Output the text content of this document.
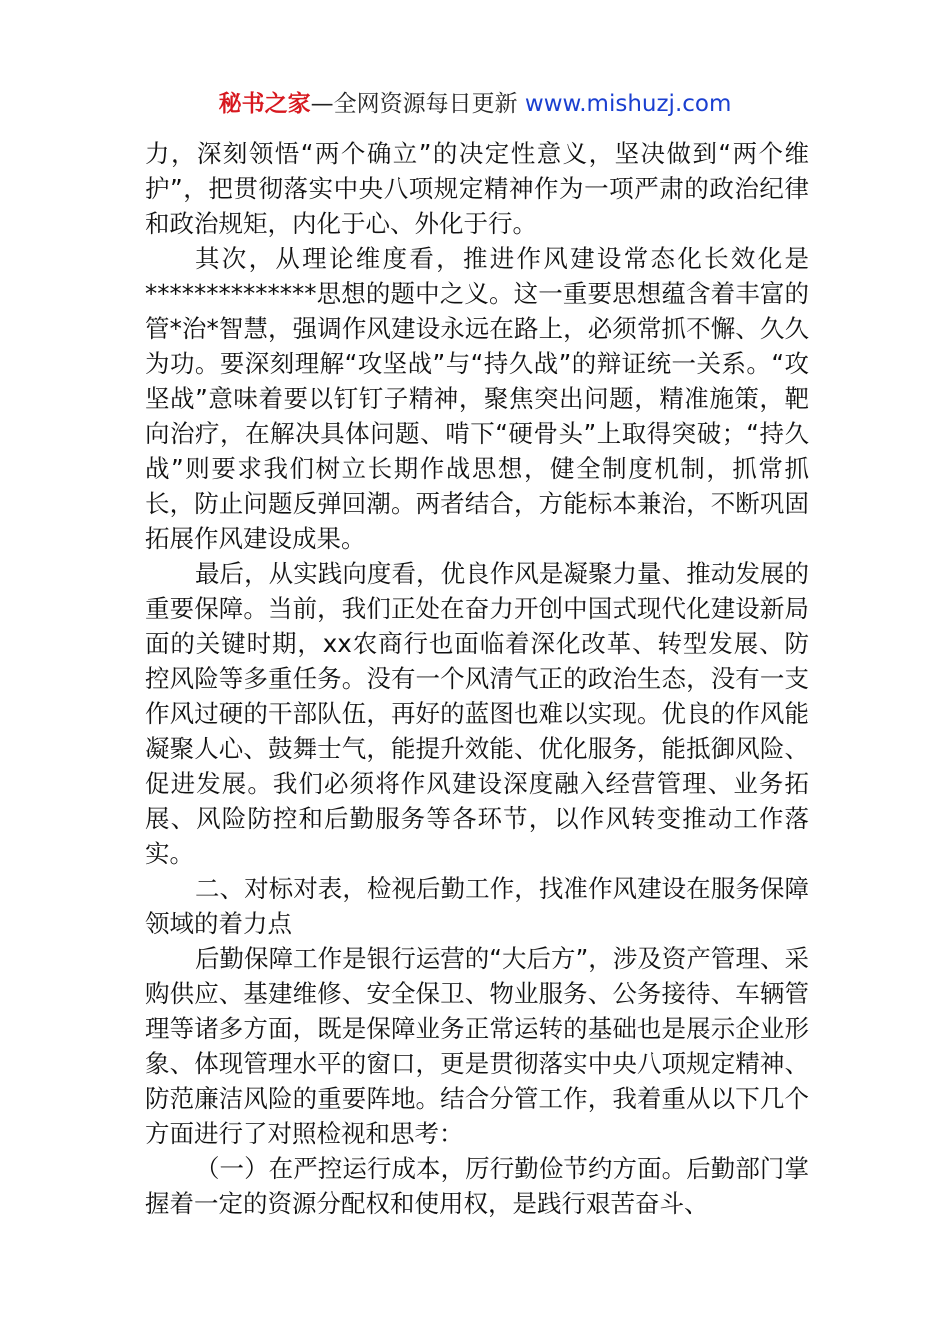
秘书之家—全网资源每日更新 www.mishuzj.com

力，深刻领悟“两个确立”的决定性意义，坚决做到“两个维护”，把贯彻落实中央八项规定精神作为一项严肃的政治纪律和政治规矩，内化于心、外化于行。

其次，从理论维度看，推进作风建设常态化长效化是**************思想的题中之义。这一重要思想蕴含着丰富的管*治*智慧，强调作风建设永远在路上，必须常抓不懈、久久为功。要深刻理解“攻坚战”与“持久战”的辩证统一关系。“攻坚战”意味着要以钉钉子精神，聚焦突出问题，精准施策，靶向治疗，在解决具体问题、啃下“硬骨头”上取得突破；“持久战”则要求我们树立长期作战思想，健全制度机制，抓常抓长，防止问题反弹回潮。两者结合，方能标本兼治，不断巩固拓展作风建设成果。

最后，从实践向度看，优良作风是凝聚力量、推动发展的重要保障。当前，我们正处在奋力开创中国式现代化建设新局面的关键时期，xx农商行也面临着深化改革、转型发展、防控风险等多重任务。没有一个风清气正的政治生态，没有一支作风过硬的干部队伍，再好的蓝图也难以实现。优良的作风能凝聚人心、鼓舞士气，能提升效能、优化服务，能抵御风险、促进发展。我们必须将作风建设深度融入经营管理、业务拓展、风险防控和后勤服务等各环节，以作风转变推动工作落实。

二、对标对表，检视后勤工作，找准作风建设在服务保障领域的着力点

后勤保障工作是银行运营的“大后方”，涉及资产管理、采购供应、基建维修、安全保卫、物业服务、公务接待、车辆管理等诸多方面，既是保障业务正常运转的基础也是展示企业形象、体现管理水平的窗口，更是贯彻落实中央八项规定精神、防范廉洁风险的重要阵地。结合分管工作，我着重从以下几个方面进行了对照检视和思考：

（一）在严控运行成本，厉行勤俭节约方面。后勤部门掌握着一定的资源分配权和使用权，是践行艰苦奋斗、
